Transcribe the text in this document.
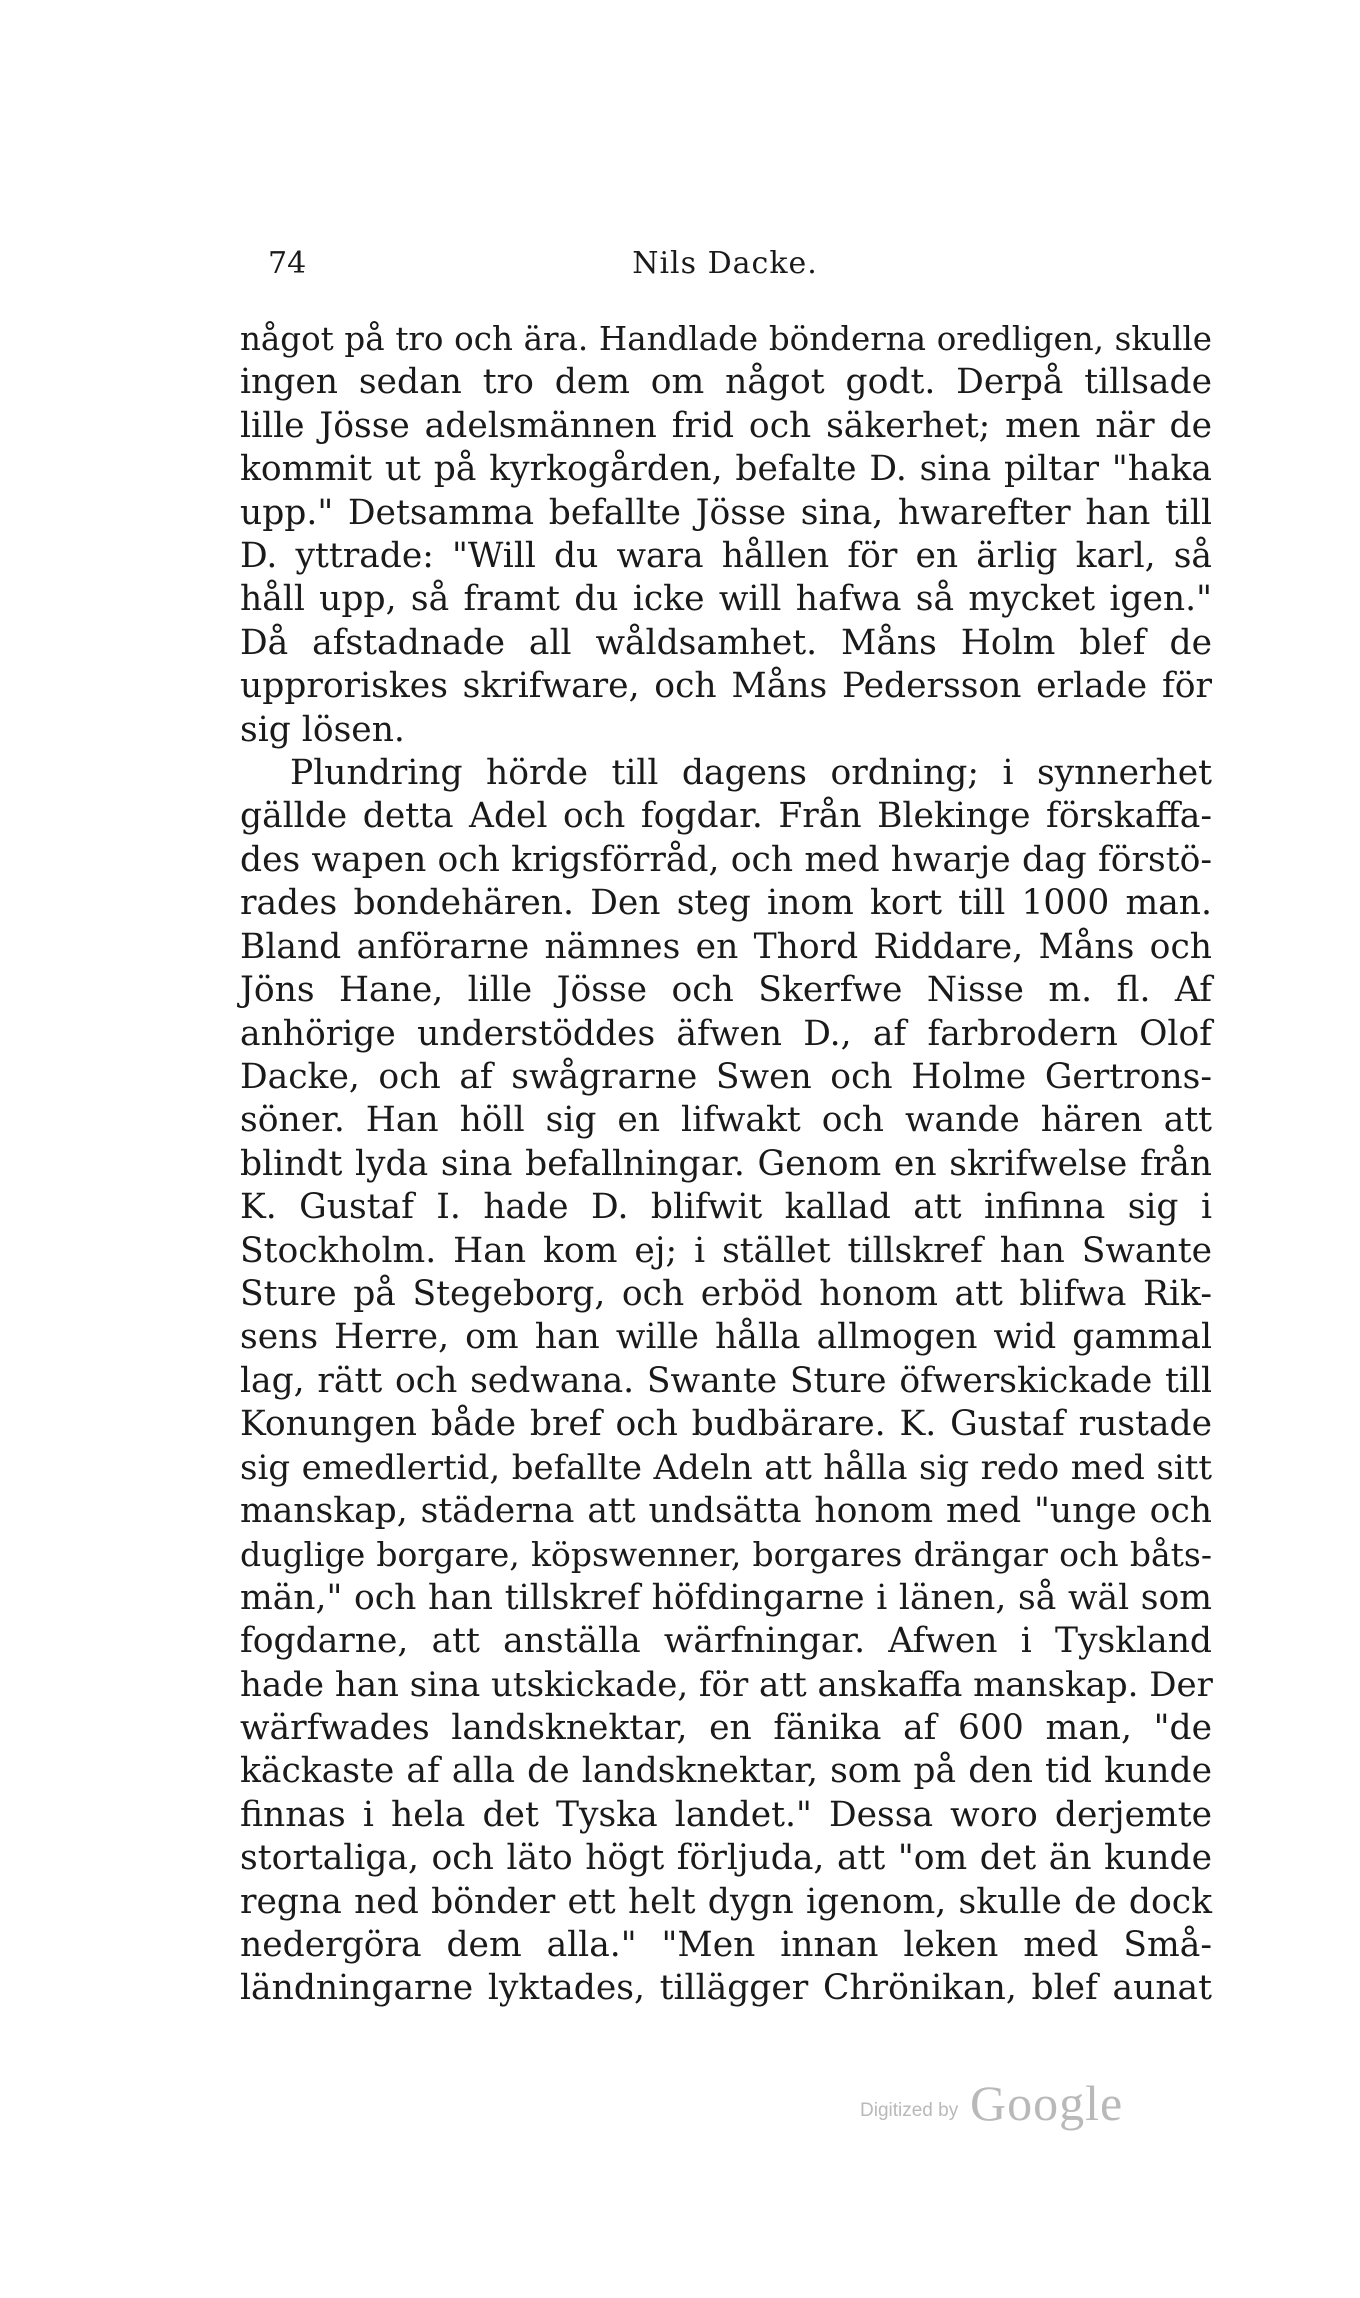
74	Nils Dacke.
något på tro och ära. Handlade bönderna oredligen, skulle
ingen sedan tro dem om något godt. Derpå tillsade
lille Jösse adelsmännen frid och säkerhet; men när de
kommit ut på kyrkogården, befalte D. sina piltar "haka
upp." Detsamma befallte Jösse sina, hwarefter han till
D. yttrade: "Will du wara hållen för en ärlig karl, så
håll upp, så framt du icke will hafwa så mycket igen."
Då afstadnade all wåldsamhet. Måns Holm blef de
upproriskes skrifware, och Måns Pedersson erlade för
sig lösen.
Plundring hörde till dagens ordning; i synnerhet
gällde detta Adel och fogdar. Från Blekinge förskaffa-
des wapen och krigsförråd, och med hwarje dag förstö-
rades bondehären. Den steg inom kort till 1000 man.
Bland anförarne nämnes en Thord Riddare, Måns och
Jöns Hane, lille Jösse och Skerfwe Nisse m. fl. Af
anhörige understöddes äfwen D., af farbrodern Olof
Dacke, och af swågrarne Swen och Holme Gertrons-
söner. Han höll sig en lifwakt och wande hären att
blindt lyda sina befallningar. Genom en skrifwelse från
K. Gustaf I. hade D. blifwit kallad att infinna sig i
Stockholm. Han kom ej; i stället tillskref han Swante
Sture på Stegeborg, och erböd honom att blifwa Rik-
sens Herre, om han wille hålla allmogen wid gammal
lag, rätt och sedwana. Swante Sture öfwerskickade till
Konungen både bref och budbärare. K. Gustaf rustade
sig emedlertid, befallte Adeln att hålla sig redo med sitt
manskap, städerna att undsätta honom med "unge och
duglige borgare, köpswenner, borgares drängar och båts-
män," och han tillskref höfdingarne i länen, så wäl som
fogdarne, att anställa wärfningar. Afwen i Tyskland
hade han sina utskickade, för att anskaffa manskap. Der
wärfwades landsknektar, en fänika af 600 man, "de
käckaste af alla de landsknektar, som på den tid kunde
finnas i hela det Tyska landet." Dessa woro derjemte
stortaliga, och läto högt förljuda, att "om det än kunde
regna ned bönder ett helt dygn igenom, skulle de dock
nedergöra dem alla." "Men innan leken med Små-
ländningarne lyktades, tillägger Chrönikan, blef aunat
Digitized by Google
